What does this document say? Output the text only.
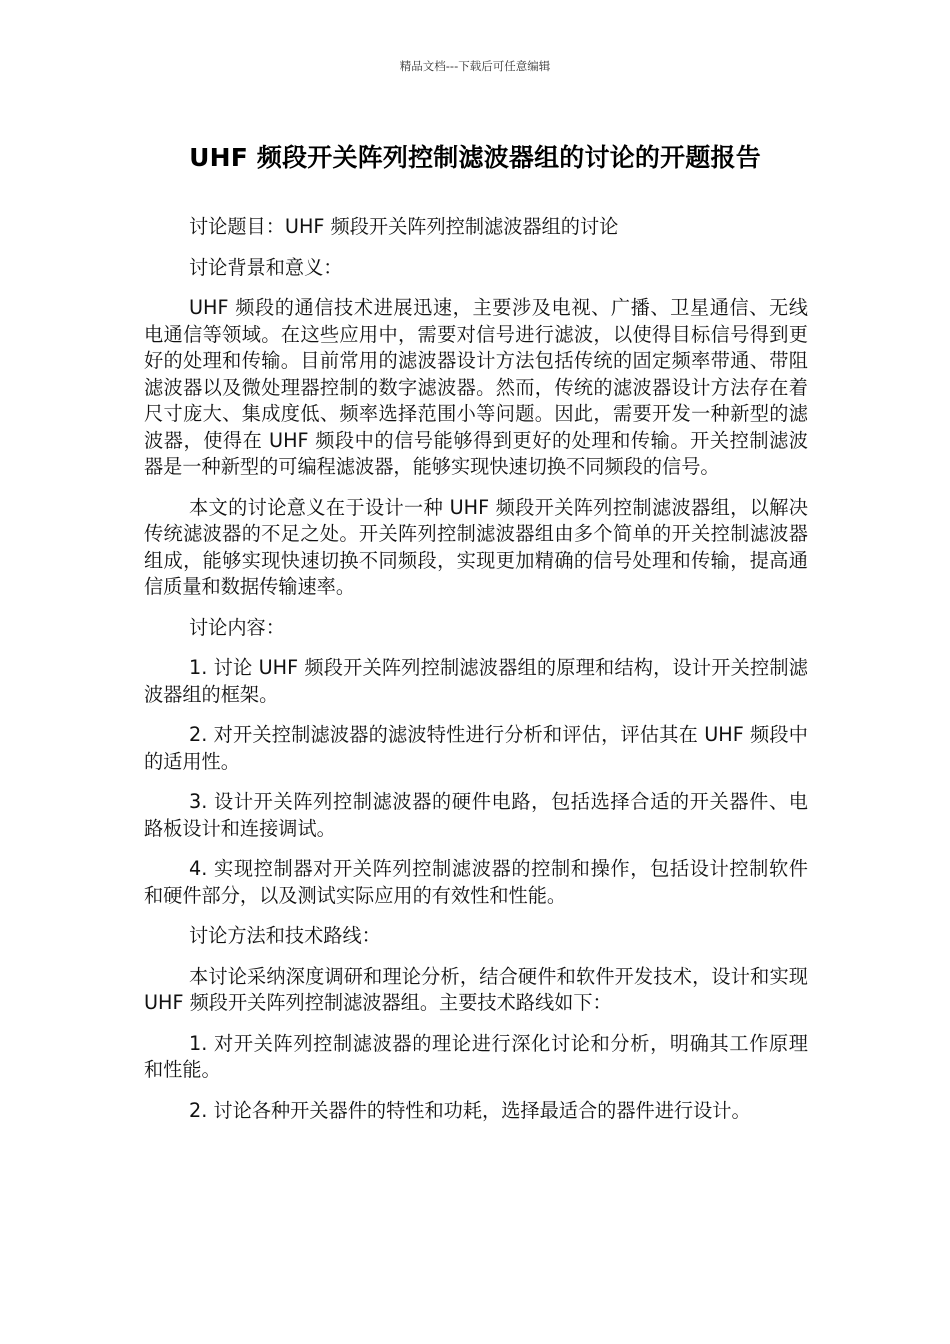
精品文档---下载后可任意编辑
UHF 频段开关阵列控制滤波器组的讨论的开题报告

讨论题目：UHF 频段开关阵列控制滤波器组的讨论

讨论背景和意义：

UHF 频段的通信技术进展迅速，主要涉及电视、广播、卫星通信、无线电通信等领域。在这些应用中，需要对信号进行滤波，以使得目标信号得到更好的处理和传输。目前常用的滤波器设计方法包括传统的固定频率带通、带阻滤波器以及微处理器控制的数字滤波器。然而，传统的滤波器设计方法存在着尺寸庞大、集成度低、频率选择范围小等问题。因此，需要开发一种新型的滤波器，使得在 UHF 频段中的信号能够得到更好的处理和传输。开关控制滤波器是一种新型的可编程滤波器，能够实现快速切换不同频段的信号。

本文的讨论意义在于设计一种 UHF 频段开关阵列控制滤波器组，以解决传统滤波器的不足之处。开关阵列控制滤波器组由多个简单的开关控制滤波器组成，能够实现快速切换不同频段，实现更加精确的信号处理和传输，提高通信质量和数据传输速率。

讨论内容：

1. 讨论 UHF 频段开关阵列控制滤波器组的原理和结构，设计开关控制滤波器组的框架。

2. 对开关控制滤波器的滤波特性进行分析和评估，评估其在 UHF 频段中的适用性。

3. 设计开关阵列控制滤波器的硬件电路，包括选择合适的开关器件、电路板设计和连接调试。

4. 实现控制器对开关阵列控制滤波器的控制和操作，包括设计控制软件和硬件部分，以及测试实际应用的有效性和性能。

讨论方法和技术路线：

本讨论采纳深度调研和理论分析，结合硬件和软件开发技术，设计和实现 UHF 频段开关阵列控制滤波器组。主要技术路线如下：

1. 对开关阵列控制滤波器的理论进行深化讨论和分析，明确其工作原理和性能。

2. 讨论各种开关器件的特性和功耗，选择最适合的器件进行设计。
